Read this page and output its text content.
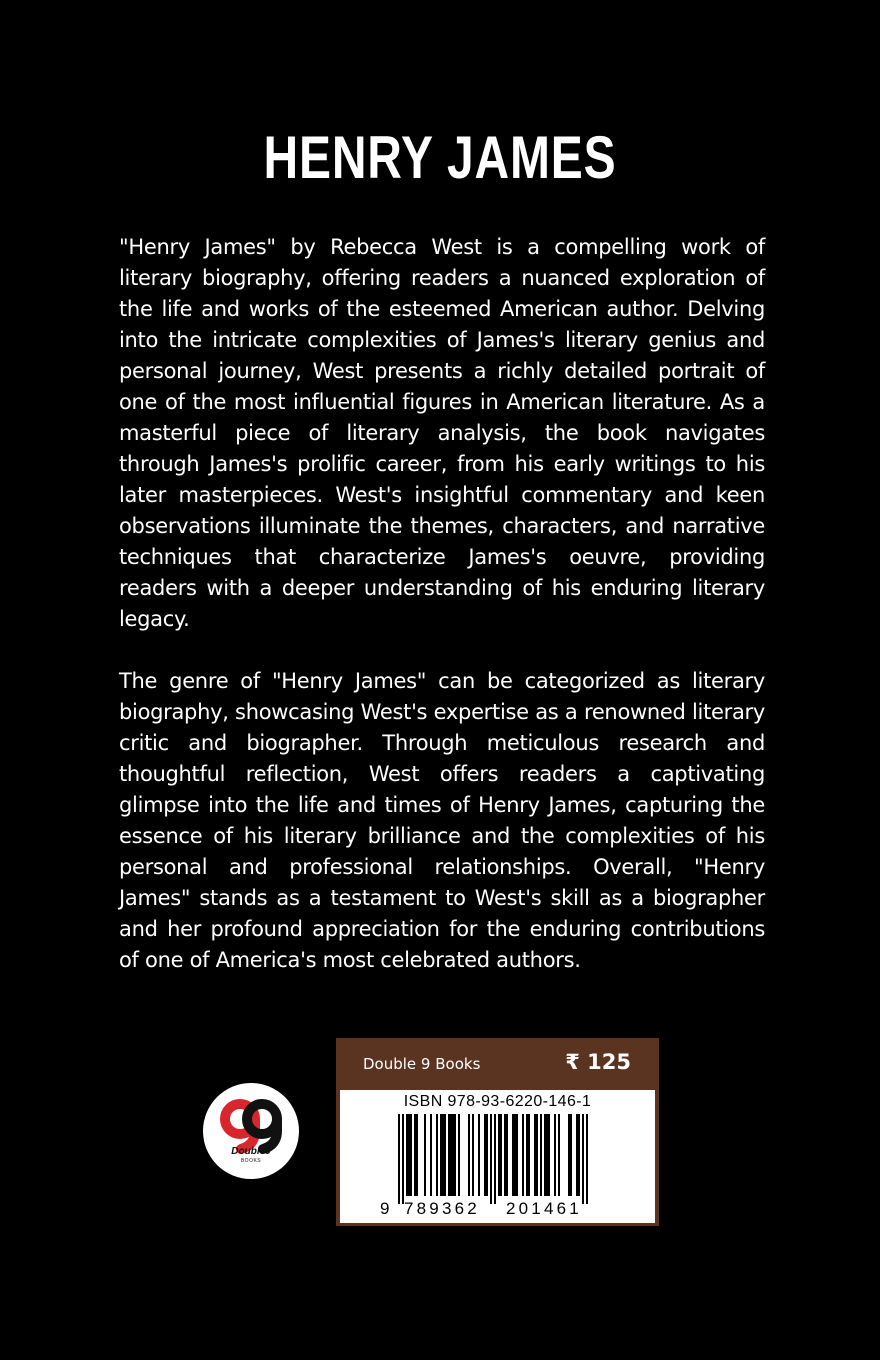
HENRY JAMES

"Henry James" by Rebecca West is a compelling work of literary biography, offering readers a nuanced exploration of the life and works of the esteemed American author. Delving into the intricate complexities of James's literary genius and personal journey, West presents a richly detailed portrait of one of the most influential figures in American literature. As a masterful piece of literary analysis, the book navigates through James's prolific career, from his early writings to his later masterpieces. West's insightful commentary and keen observations illuminate the themes, characters, and narrative techniques that characterize James's oeuvre, providing readers with a deeper understanding of his enduring literary legacy.

The genre of "Henry James" can be categorized as literary biography, showcasing West's expertise as a renowned literary critic and biographer. Through meticulous research and thoughtful reflection, West offers readers a captivating glimpse into the life and times of Henry James, capturing the essence of his literary brilliance and the complexities of his personal and professional relationships. Overall, "Henry James" stands as a testament to West's skill as a biographer and her profound appreciation for the enduring contributions of one of America's most celebrated authors.

Double9
BOOKS
Double 9 Books	₹ 125
ISBN 978-93-6220-146-1
9 789362 201461
